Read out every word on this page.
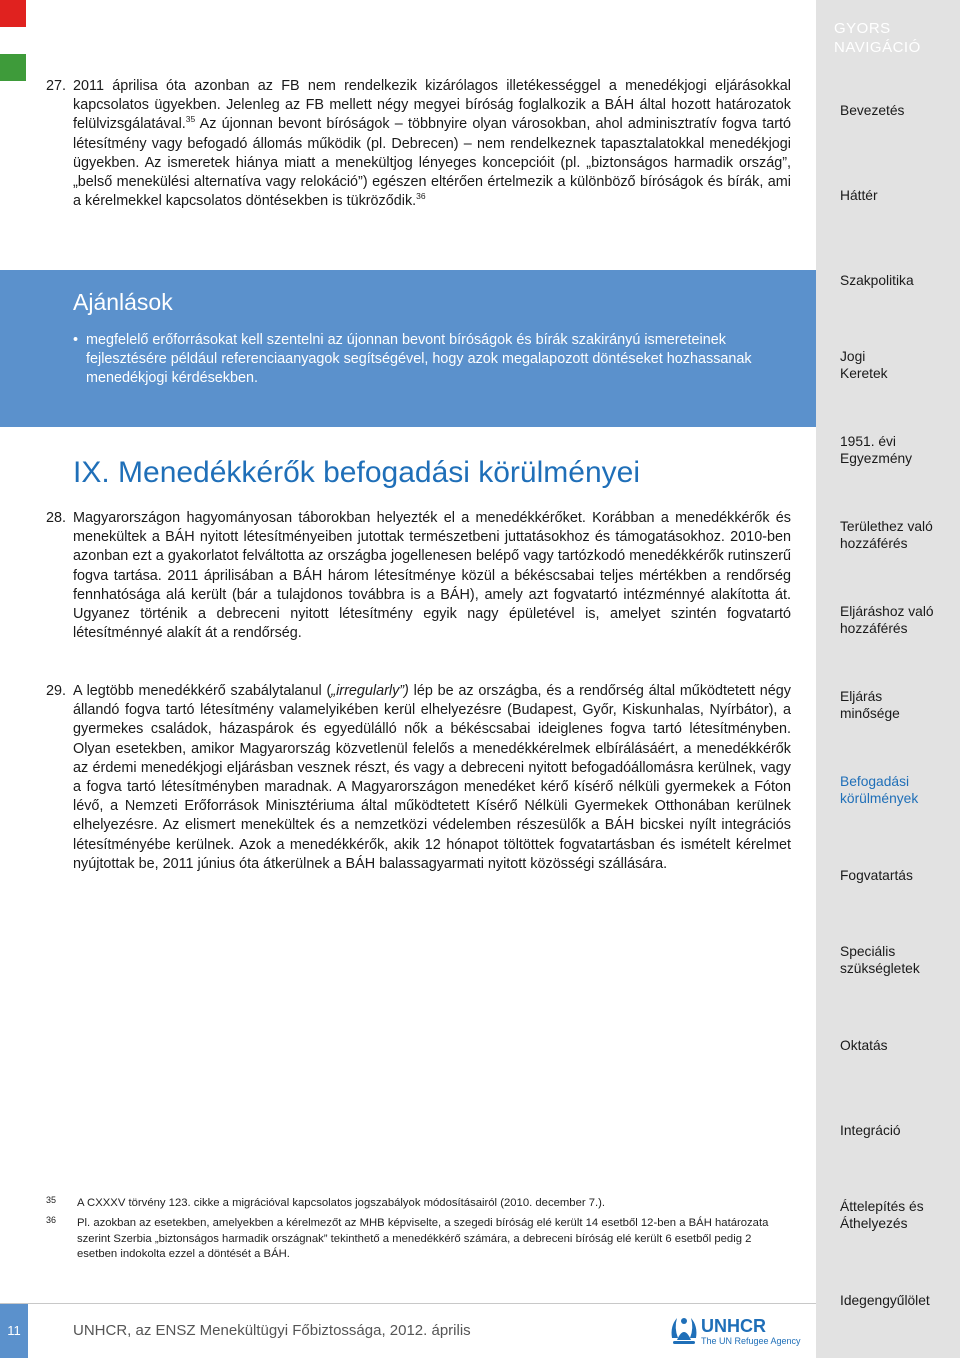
27. 2011 áprilisa óta azonban az FB nem rendelkezik kizárólagos illetékességgel a menedékjogi eljárásokkal kapcsolatos ügyekben. Jelenleg az FB mellett négy megyei bíróság foglalkozik a BÁH által hozott határozatok felülvizsgálatával.$^{35}$ Az újonnan bevont bíróságok – többnyire olyan városokban, ahol adminisztratív fogva tartó létesítmény vagy befogadó állomás működik (pl. Debrecen) – nem rendelkeznek tapasztalatokkal menedékjogi ügyekben. Az ismeretek hiánya miatt a menekültjog lényeges koncepcióit (pl. „biztonságos harmadik ország”, „belső menekülési alternatíva vagy relokáció”) egészen eltérően értelmezik a különböző bíróságok és bírák, ami a kérelmekkel kapcsolatos döntésekben is tükröződik.$^{36}$
Ajánlások
• megfelelő erőforrásokat kell szentelni az újonnan bevont bíróságok és bírák szakirányú ismereteinek fejlesztésére például referenciaanyagok segítségével, hogy azok megalapozott döntéseket hozhassanak menedékjogi kérdésekben.
IX. Menedékkérők befogadási körülményei
28. Magyarországon hagyományosan táborokban helyezték el a menedékkérőket. Korábban a menedékkérők és menekültek a BÁH nyitott létesítményeiben jutottak természetbeni juttatásokhoz és támogatásokhoz. 2010-ben azonban ezt a gyakorlatot felváltotta az országba jogellenesen belépő vagy tartózkodó menedékkérők rutinszerű fogva tartása. 2011 áprilisában a BÁH három létesítménye közül a békéscsabai teljes mértékben a rendőrség fennhatósága alá került (bár a tulajdonos továbbra is a BÁH), amely azt fogvatartó intézménnyé alakította át. Ugyanez történik a debreceni nyitott létesítmény egyik nagy épületével is, amelyet szintén fogvatartó létesítménnyé alakít át a rendőrség.
29. A legtöbb menedékkérő szabálytalanul („irregularly”) lép be az országba, és a rendőrség által működtetett négy állandó fogva tartó létesítmény valamelyikében kerül elhelyezésre (Budapest, Győr, Kiskunhalas, Nyírbátor), a gyermekes családok, házaspárok és egyedülálló nők a békéscsabai ideiglenes fogva tartó létesítményben. Olyan esetekben, amikor Magyarország közvetlenül felelős a menedékkérelmek elbírálásáért, a menedékkérők az érdemi menedékjogi eljárásban vesznek részt, és vagy a debreceni nyitott befogadóállomásra kerülnek, vagy a fogva tartó létesítményben maradnak. A Magyarországon menedéket kérő kísérő nélküli gyermekek a Fóton lévő, a Nemzeti Erőforrások Minisztériuma által működtetett Kísérő Nélküli Gyermekek Otthonában kerülnek elhelyezésre. Az elismert menekültek és a nemzetközi védelemben részesülők a BÁH bicskei nyílt integrációs létesítményébe kerülnek. Azok a menedékkérők, akik 12 hónapot töltöttek fogvatartásban és ismételt kérelmet nyújtottak be, 2011 június óta átkerülnek a BÁH balassagyarmati nyitott közösségi szállására.
35 A CXXXV törvény 123. cikke a migrációval kapcsolatos jogszabályok módosításairól (2010. december 7.).
36 Pl. azokban az esetekben, amelyekben a kérelmezőt az MHB képviselte, a szegedi bíróság elé került 14 esetből 12-ben a BÁH határozata szerint Szerbia „biztonságos harmadik országnak” tekinthető a menedékkérő számára, a debreceni bíróság elé került 6 esetből pedig 2 esetben indokolta ezzel a döntését a BÁH.
11	UNHCR, az ENSZ Menekültügyi Főbiztossága, 2012. április	UNHCR
The UN Refugee Agency
GYORS
NAVIGÁCIÓ
Bevezetés
Háttér
Szakpolitika
Jogi
Keretek
1951. évi
Egyezmény
Területhez való
hozzáférés
Eljáráshoz való
hozzáférés
Eljárás
minősége
Befogadási
körülmények
Fogvatartás
Speciális
szükségletek
Oktatás
Integráció
Áttelepítés és
Áthelyezés
Idegengyűlölet
